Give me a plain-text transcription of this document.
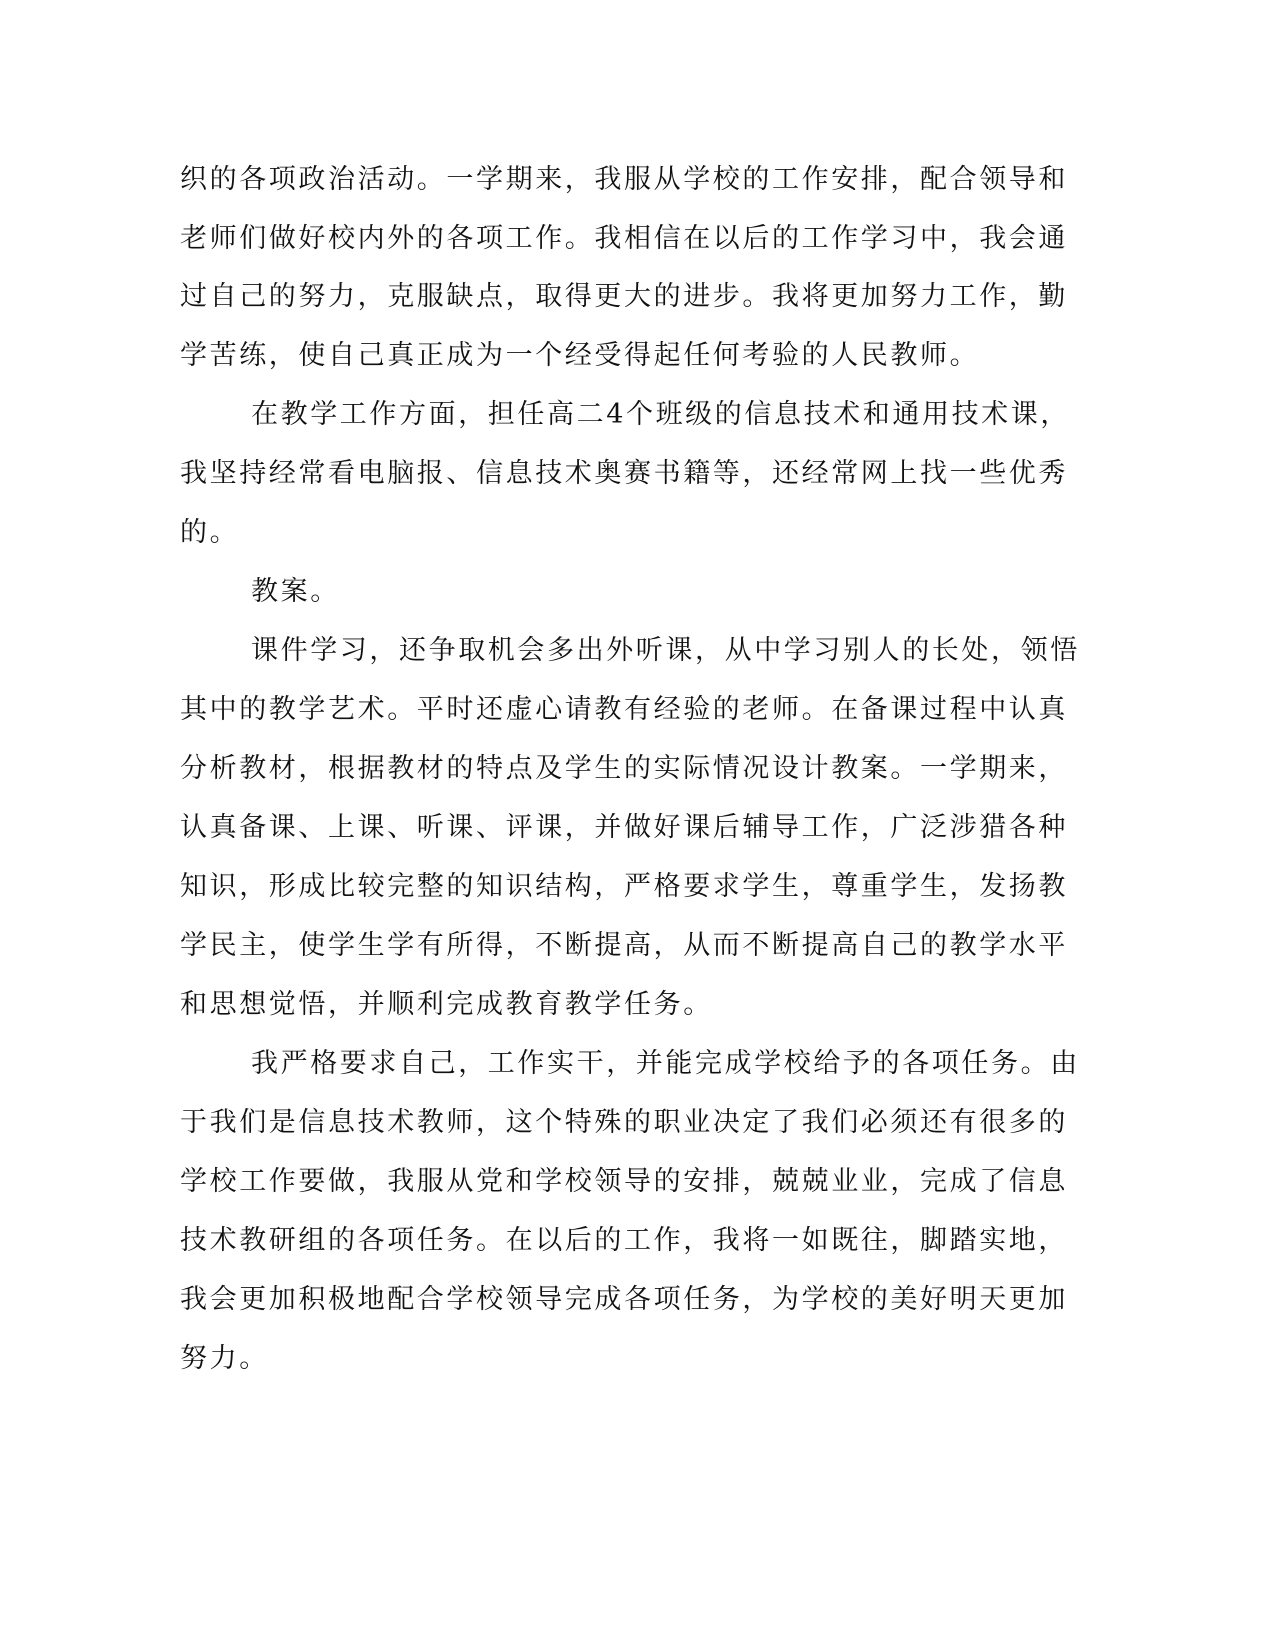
织的各项政治活动。一学期来，我服从学校的工作安排，配合领导和
老师们做好校内外的各项工作。我相信在以后的工作学习中，我会通
过自己的努力，克服缺点，取得更大的进步。我将更加努力工作，勤
学苦练，使自己真正成为一个经受得起任何考验的人民教师。
在教学工作方面，担任高二4个班级的信息技术和通用技术课，
我坚持经常看电脑报、信息技术奥赛书籍等，还经常网上找一些优秀
的。
教案。
课件学习，还争取机会多出外听课，从中学习别人的长处，领悟
其中的教学艺术。平时还虚心请教有经验的老师。在备课过程中认真
分析教材，根据教材的特点及学生的实际情况设计教案。一学期来，
认真备课、上课、听课、评课，并做好课后辅导工作，广泛涉猎各种
知识，形成比较完整的知识结构，严格要求学生，尊重学生，发扬教
学民主，使学生学有所得，不断提高，从而不断提高自己的教学水平
和思想觉悟，并顺利完成教育教学任务。
我严格要求自己，工作实干，并能完成学校给予的各项任务。由
于我们是信息技术教师，这个特殊的职业决定了我们必须还有很多的
学校工作要做，我服从党和学校领导的安排，兢兢业业，完成了信息
技术教研组的各项任务。在以后的工作，我将一如既往，脚踏实地，
我会更加积极地配合学校领导完成各项任务，为学校的美好明天更加
努力。
